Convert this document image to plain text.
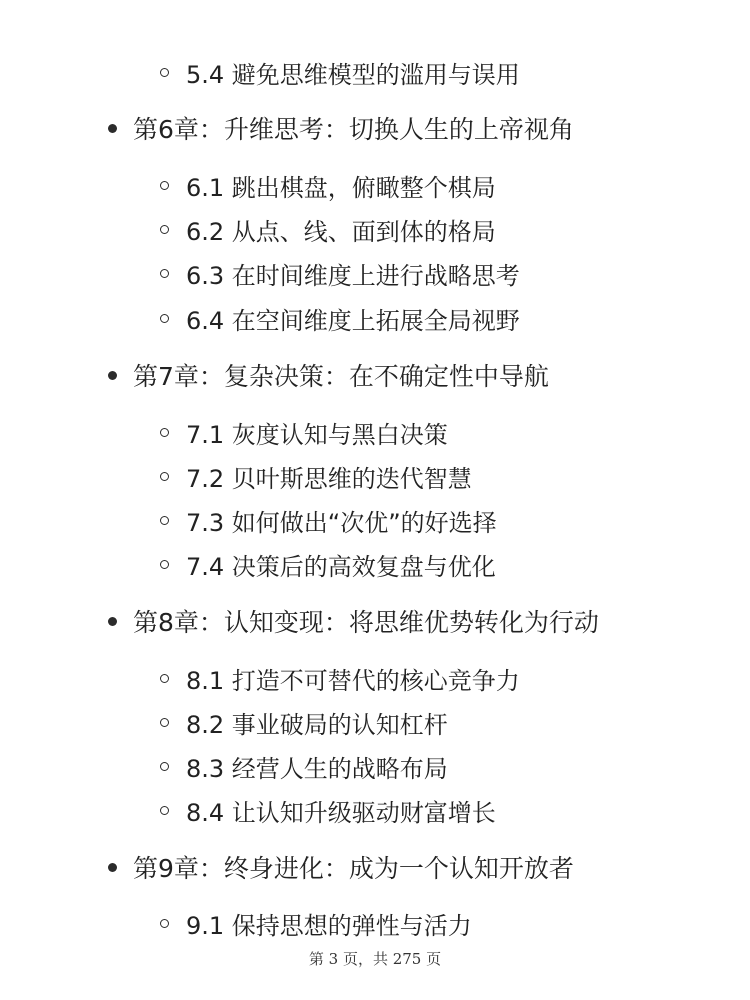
5.4 避免思维模型的滥用与误用
第6章：升维思考：切换人生的上帝视角
6.1 跳出棋盘，俯瞰整个棋局
6.2 从点、线、面到体的格局
6.3 在时间维度上进行战略思考
6.4 在空间维度上拓展全局视野
第7章：复杂决策：在不确定性中导航
7.1 灰度认知与黑白决策
7.2 贝叶斯思维的迭代智慧
7.3 如何做出“次优”的好选择
7.4 决策后的高效复盘与优化
第8章：认知变现：将思维优势转化为行动
8.1 打造不可替代的核心竞争力
8.2 事业破局的认知杠杆
8.3 经营人生的战略布局
8.4 让认知升级驱动财富增长
第9章：终身进化：成为一个认知开放者
9.1 保持思想的弹性与活力
第 3 页，共 275 页
